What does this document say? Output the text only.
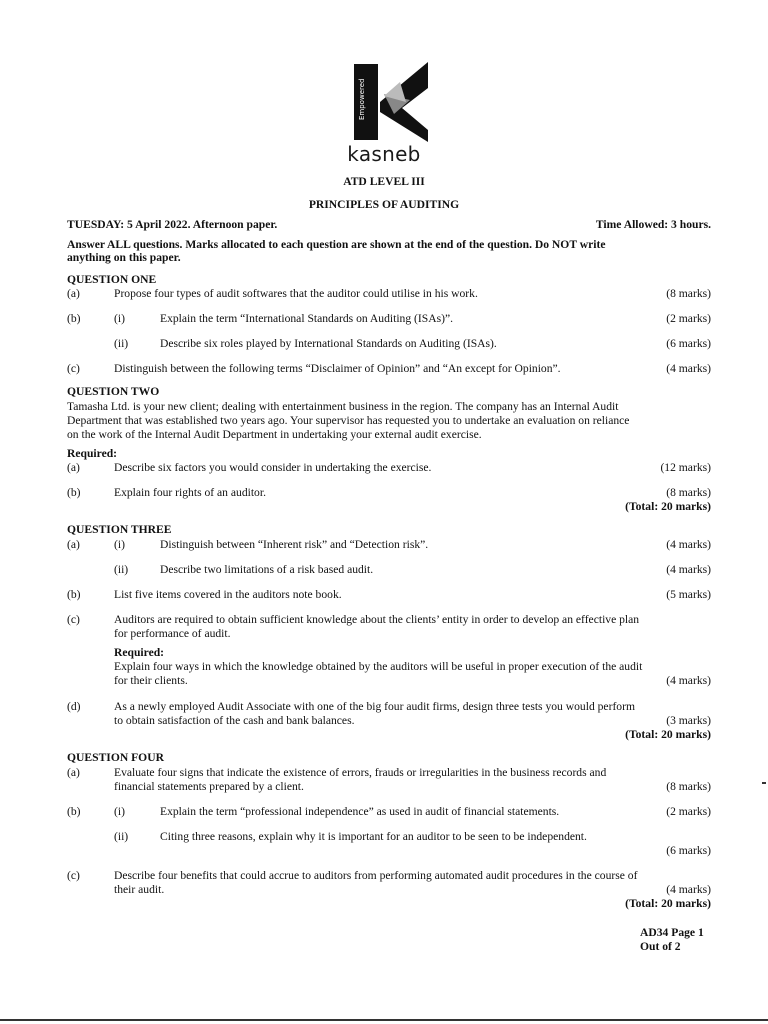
Empowered
kasneb
ATD LEVEL III
PRINCIPLES OF AUDITING
TUESDAY: 5 April 2022. Afternoon paper.	Time Allowed: 3 hours.
Answer ALL questions. Marks allocated to each question are shown at the end of the question. Do NOT write
anything on this paper.
QUESTION ONE
(a)	Propose four types of audit softwares that the auditor could utilise in his work.	(8 marks)
(b)	(i)	Explain the term “International Standards on Auditing (ISAs)”.	(2 marks)
(ii)	Describe six roles played by International Standards on Auditing (ISAs).	(6 marks)
(c)	Distinguish between the following terms “Disclaimer of Opinion” and “An except for Opinion”.	(4 marks)
QUESTION TWO
Tamasha Ltd. is your new client; dealing with entertainment business in the region. The company has an Internal Audit
Department that was established two years ago. Your supervisor has requested you to undertake an evaluation on reliance
on the work of the Internal Audit Department in undertaking your external audit exercise.
Required:
(a)	Describe six factors you would consider in undertaking the exercise.	(12 marks)
(b)	Explain four rights of an auditor.	(8 marks)
(Total: 20 marks)
QUESTION THREE
(a)	(i)	Distinguish between “Inherent risk” and “Detection risk”.	(4 marks)
(ii)	Describe two limitations of a risk based audit.	(4 marks)
(b)	List five items covered in the auditors note book.	(5 marks)
(c)	Auditors are required to obtain sufficient knowledge about the clients’ entity in order to develop an effective plan
for performance of audit.
Required:
Explain four ways in which the knowledge obtained by the auditors will be useful in proper execution of the audit
for their clients.	(4 marks)
(d)	As a newly employed Audit Associate with one of the big four audit firms, design three tests you would perform
to obtain satisfaction of the cash and bank balances.	(3 marks)
(Total: 20 marks)
QUESTION FOUR
(a)	Evaluate four signs that indicate the existence of errors, frauds or irregularities in the business records and
financial statements prepared by a client.	(8 marks)
(b)	(i)	Explain the term “professional independence” as used in audit of financial statements.	(2 marks)
(ii)	Citing three reasons, explain why it is important for an auditor to be seen to be independent.
(6 marks)
(c)	Describe four benefits that could accrue to auditors from performing automated audit procedures in the course of
their audit.	(4 marks)
(Total: 20 marks)
AD34 Page 1
Out of 2
